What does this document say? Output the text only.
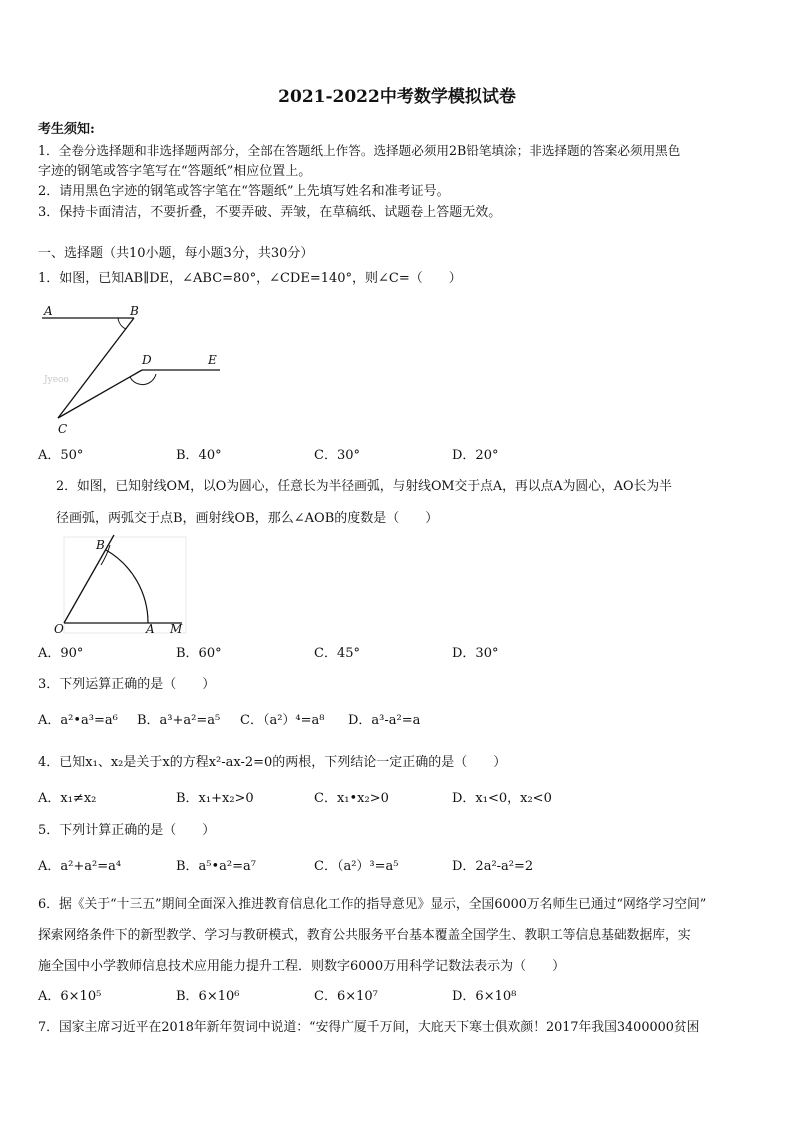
2021-2022中考数学模拟试卷
考生须知:
1．全卷分选择题和非选择题两部分，全部在答题纸上作答。选择题必须用2B铅笔填涂；非选择题的答案必须用黑色
字迹的钢笔或答字笔写在“答题纸”相应位置上。
2．请用黑色字迹的钢笔或答字笔在“答题纸”上先填写姓名和准考证号。
3．保持卡面清洁，不要折叠，不要弄破、弄皱，在草稿纸、试题卷上答题无效。
一、选择题（共10小题，每小题3分，共30分）
1．如图，已知AB∥DE，∠ABC=80°，∠CDE=140°，则∠C=（　　）
A	B
D	E
C
Jyeoo
A．50°	B．40°	C．30°	D．20°
2．如图，已知射线OM，以O为圆心，任意长为半径画弧，与射线OM交于点A，再以点A为圆心，AO长为半
径画弧，两弧交于点B，画射线OB，那么∠AOB的度数是（　　）
B
O	A M
A．90°	B．60°	C．45°	D．30°
3．下列运算正确的是（　　）
A．a²•a³=a⁶ B．a³+a²=a⁵ C．（a²）⁴=a⁸ D．a³-a²=a
4．已知x₁、x₂是关于x的方程x²-ax-2=0的两根，下列结论一定正确的是（　　）
A．x₁≠x₂	B．x₁+x₂>0	C．x₁•x₂>0	D．x₁<0，x₂<0
5．下列计算正确的是（　　）
A．a²+a²=a⁴	B．a⁵•a²=a⁷	C．（a²）³=a⁵	D．2a²-a²=2
6．据《关于“十三五”期间全面深入推进教育信息化工作的指导意见》显示，全国6000万名师生已通过“网络学习空间”
探索网络条件下的新型教学、学习与教研模式，教育公共服务平台基本覆盖全国学生、教职工等信息基础数据库，实
施全国中小学教师信息技术应用能力提升工程．则数字6000万用科学记数法表示为（　　）
A．6×10⁵	B．6×10⁶	C．6×10⁷	D．6×10⁸
7．国家主席习近平在2018年新年贺词中说道：“安得广厦千万间，大庇天下寒士俱欢颜！2017年我国3400000贫困
